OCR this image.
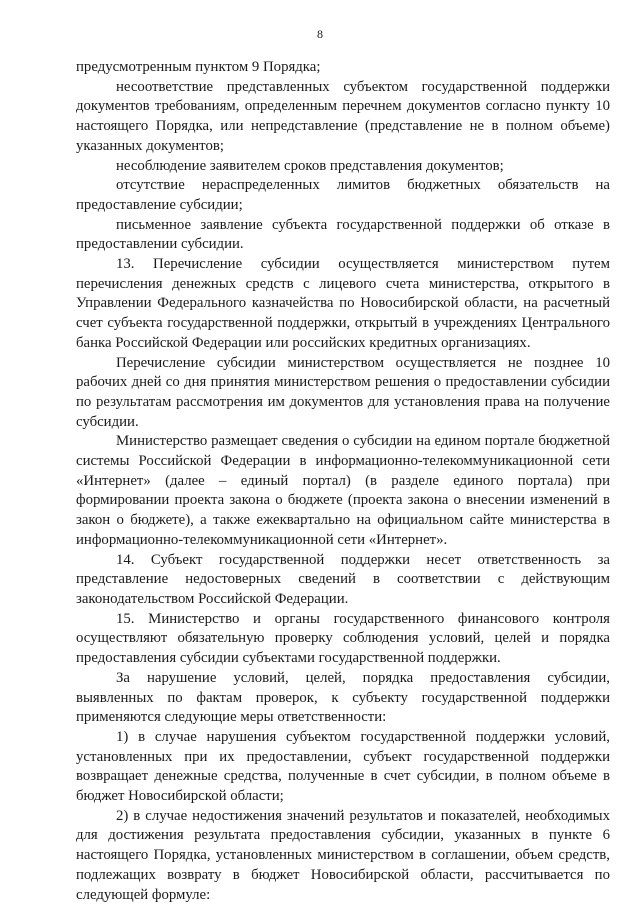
8

предусмотренным пунктом 9 Порядка;

несоответствие представленных субъектом государственной поддержки документов требованиям, определенным перечнем документов согласно пункту 10 настоящего Порядка, или непредставление (представление не в полном объеме) указанных документов;

несоблюдение заявителем сроков представления документов;

отсутствие нераспределенных лимитов бюджетных обязательств на предоставление субсидии;

письменное заявление субъекта государственной поддержки об отказе в предоставлении субсидии.

13. Перечисление субсидии осуществляется министерством путем перечисления денежных средств с лицевого счета министерства, открытого в Управлении Федерального казначейства по Новосибирской области, на расчетный счет субъекта государственной поддержки, открытый в учреждениях Центрального банка Российской Федерации или российских кредитных организациях.

Перечисление субсидии министерством осуществляется не позднее 10 рабочих дней со дня принятия министерством решения о предоставлении субсидии по результатам рассмотрения им документов для установления права на получение субсидии.

Министерство размещает сведения о субсидии на едином портале бюджетной системы Российской Федерации в информационно-телекоммуникационной сети «Интернет» (далее – единый портал) (в разделе единого портала) при формировании проекта закона о бюджете (проекта закона о внесении изменений в закон о бюджете), а также ежеквартально на официальном сайте министерства в информационно-телекоммуникационной сети «Интернет».

14. Субъект государственной поддержки несет ответственность за представление недостоверных сведений в соответствии с действующим законодательством Российской Федерации.

15. Министерство и органы государственного финансового контроля осуществляют обязательную проверку соблюдения условий, целей и порядка предоставления субсидии субъектами государственной поддержки.

За нарушение условий, целей, порядка предоставления субсидии, выявленных по фактам проверок, к субъекту государственной поддержки применяются следующие меры ответственности:

1) в случае нарушения субъектом государственной поддержки условий, установленных при их предоставлении, субъект государственной поддержки возвращает денежные средства, полученные в счет субсидии, в полном объеме в бюджет Новосибирской области;

2) в случае недостижения значений результатов и показателей, необходимых для достижения результата предоставления субсидии, указанных в пункте 6 настоящего Порядка, установленных министерством в соглашении, объем средств, подлежащих возврату в бюджет Новосибирской области, рассчитывается по следующей формуле:
